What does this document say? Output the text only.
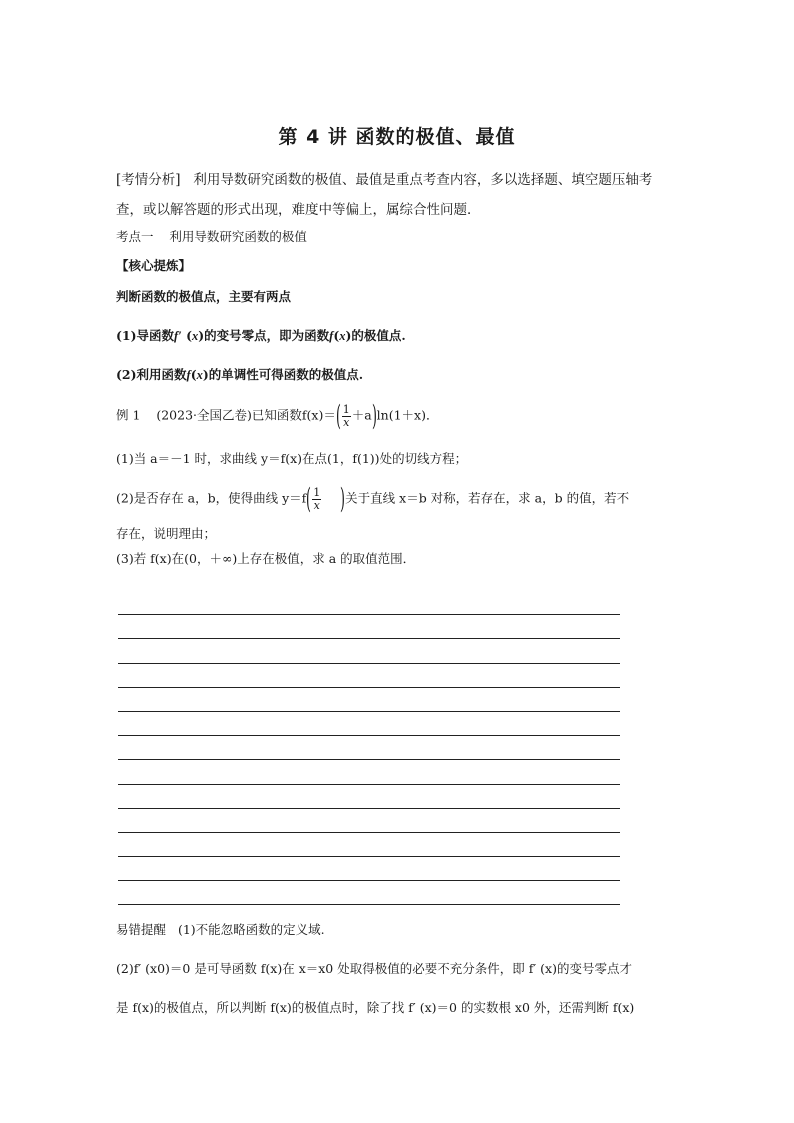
第 4 讲 函数的极值、最值
[考情分析] 利用导数研究函数的极值、最值是重点考查内容，多以选择题、填空题压轴考
查，或以解答题的形式出现，难度中等偏上，属综合性问题．
考点一 利用导数研究函数的极值
【核心提炼】
判断函数的极值点，主要有两点
(1)导函数f′ (x)的变号零点，即为函数f(x)的极值点.
(2)利用函数f(x)的单调性可得函数的极值点.
例 1 (2023·全国乙卷)已知函数$f(x)=( \frac{1}{x} +a)\ln(1+x)$．
(1)当 a＝－1 时，求曲线 y＝f(x)在点(1，f(1))处的切线方程；
(2)是否存在 a，b，使得曲线 $y=f( \frac{1}{x}$ )关于直线 x＝b 对称，若存在，求 a，b 的值，若不
存在，说明理由；
(3)若 f(x)在(0，＋∞)上存在极值，求 a 的取值范围．
易错提醒 (1)不能忽略函数的定义域.
(2)f′ (x0)＝0 是可导函数 f(x)在 x＝x0 处取得极值的必要不充分条件，即 f′ (x)的变号零点才
是 f(x)的极值点，所以判断 f(x)的极值点时，除了找 f′ (x)＝0 的实数根 x0 外，还需判断 f(x)
